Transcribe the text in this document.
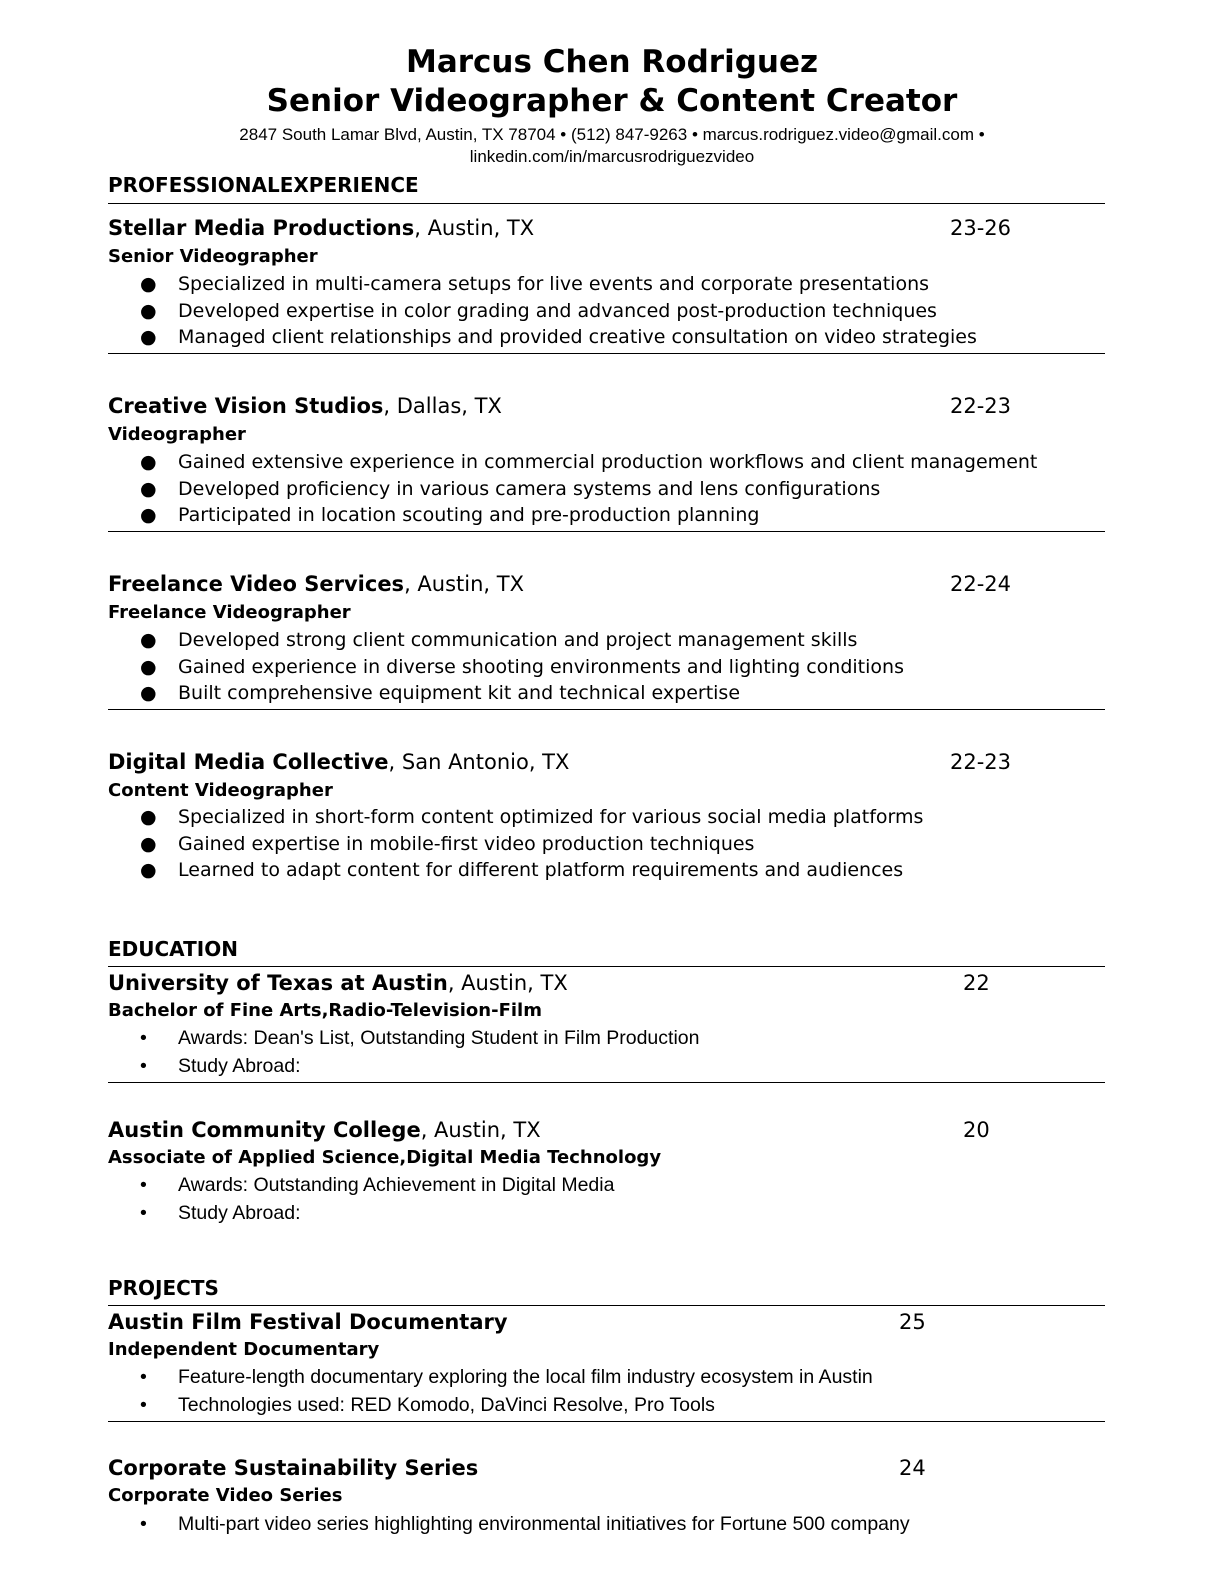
Marcus Chen Rodriguez
Senior Videographer & Content Creator
2847 South Lamar Blvd, Austin, TX 78704 • (512) 847-9263 • marcus.rodriguez.video@gmail.com •
linkedin.com/in/marcusrodriguezvideo
PROFESSIONALEXPERIENCE
Stellar Media Productions, Austin, TX	23-26
Senior Videographer
● Specialized in multi-camera setups for live events and corporate presentations
● Developed expertise in color grading and advanced post-production techniques
● Managed client relationships and provided creative consultation on video strategies
Creative Vision Studios, Dallas, TX	22-23
Videographer
● Gained extensive experience in commercial production workflows and client management
● Developed proficiency in various camera systems and lens configurations
● Participated in location scouting and pre-production planning
Freelance Video Services, Austin, TX	22-24
Freelance Videographer
● Developed strong client communication and project management skills
● Gained experience in diverse shooting environments and lighting conditions
● Built comprehensive equipment kit and technical expertise
Digital Media Collective, San Antonio, TX	22-23
Content Videographer
● Specialized in short-form content optimized for various social media platforms
● Gained expertise in mobile-first video production techniques
● Learned to adapt content for different platform requirements and audiences
EDUCATION
University of Texas at Austin, Austin, TX	22
Bachelor of Fine Arts,Radio-Television-Film
• Awards: Dean's List, Outstanding Student in Film Production
• Study Abroad:
Austin Community College, Austin, TX	20
Associate of Applied Science,Digital Media Technology
• Awards: Outstanding Achievement in Digital Media
• Study Abroad:
PROJECTS
Austin Film Festival Documentary	25
Independent Documentary
• Feature-length documentary exploring the local film industry ecosystem in Austin
• Technologies used: RED Komodo, DaVinci Resolve, Pro Tools
Corporate Sustainability Series	24
Corporate Video Series
• Multi-part video series highlighting environmental initiatives for Fortune 500 company
